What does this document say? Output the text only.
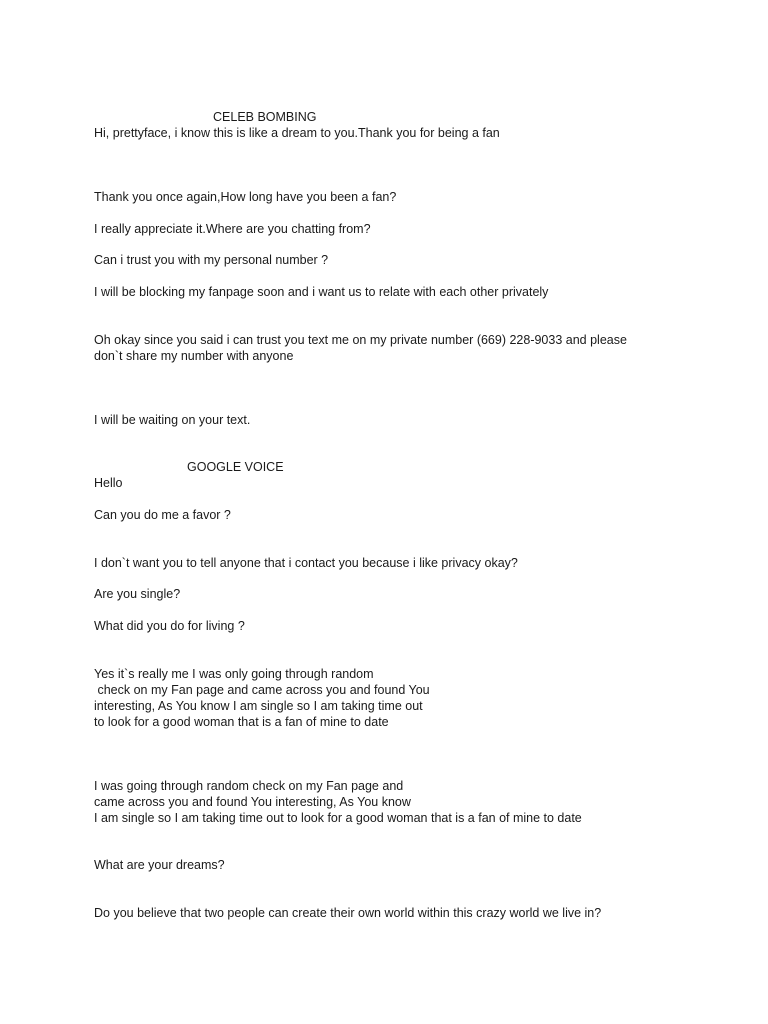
CELEB BOMBING
Hi, prettyface, i know this is like a dream to you.Thank you for being a fan
Thank you once again,How long have you been a fan?
I really appreciate it.Where are you chatting from?
Can i trust you with my personal number ?
I will be blocking my fanpage soon and i want us to relate with each other privately
Oh okay since you said i can trust you text me on my private number (669) 228-9033 and please
don`t share my number with anyone
I will be waiting on your text.
GOOGLE VOICE
Hello
Can you do me a favor ?
I don`t want you to tell anyone that i contact you because i like privacy okay?
Are you single?
What did you do for living ?
Yes it`s really me I was only going through random
check on my Fan page and came across you and found You
interesting, As You know I am single so I am taking time out
to look for a good woman that is a fan of mine to date
I was going through random check on my Fan page and
came across you and found You interesting, As You know
I am single so I am taking time out to look for a good woman that is a fan of mine to date
What are your dreams?
Do you believe that two people can create their own world within this crazy world we live in?
